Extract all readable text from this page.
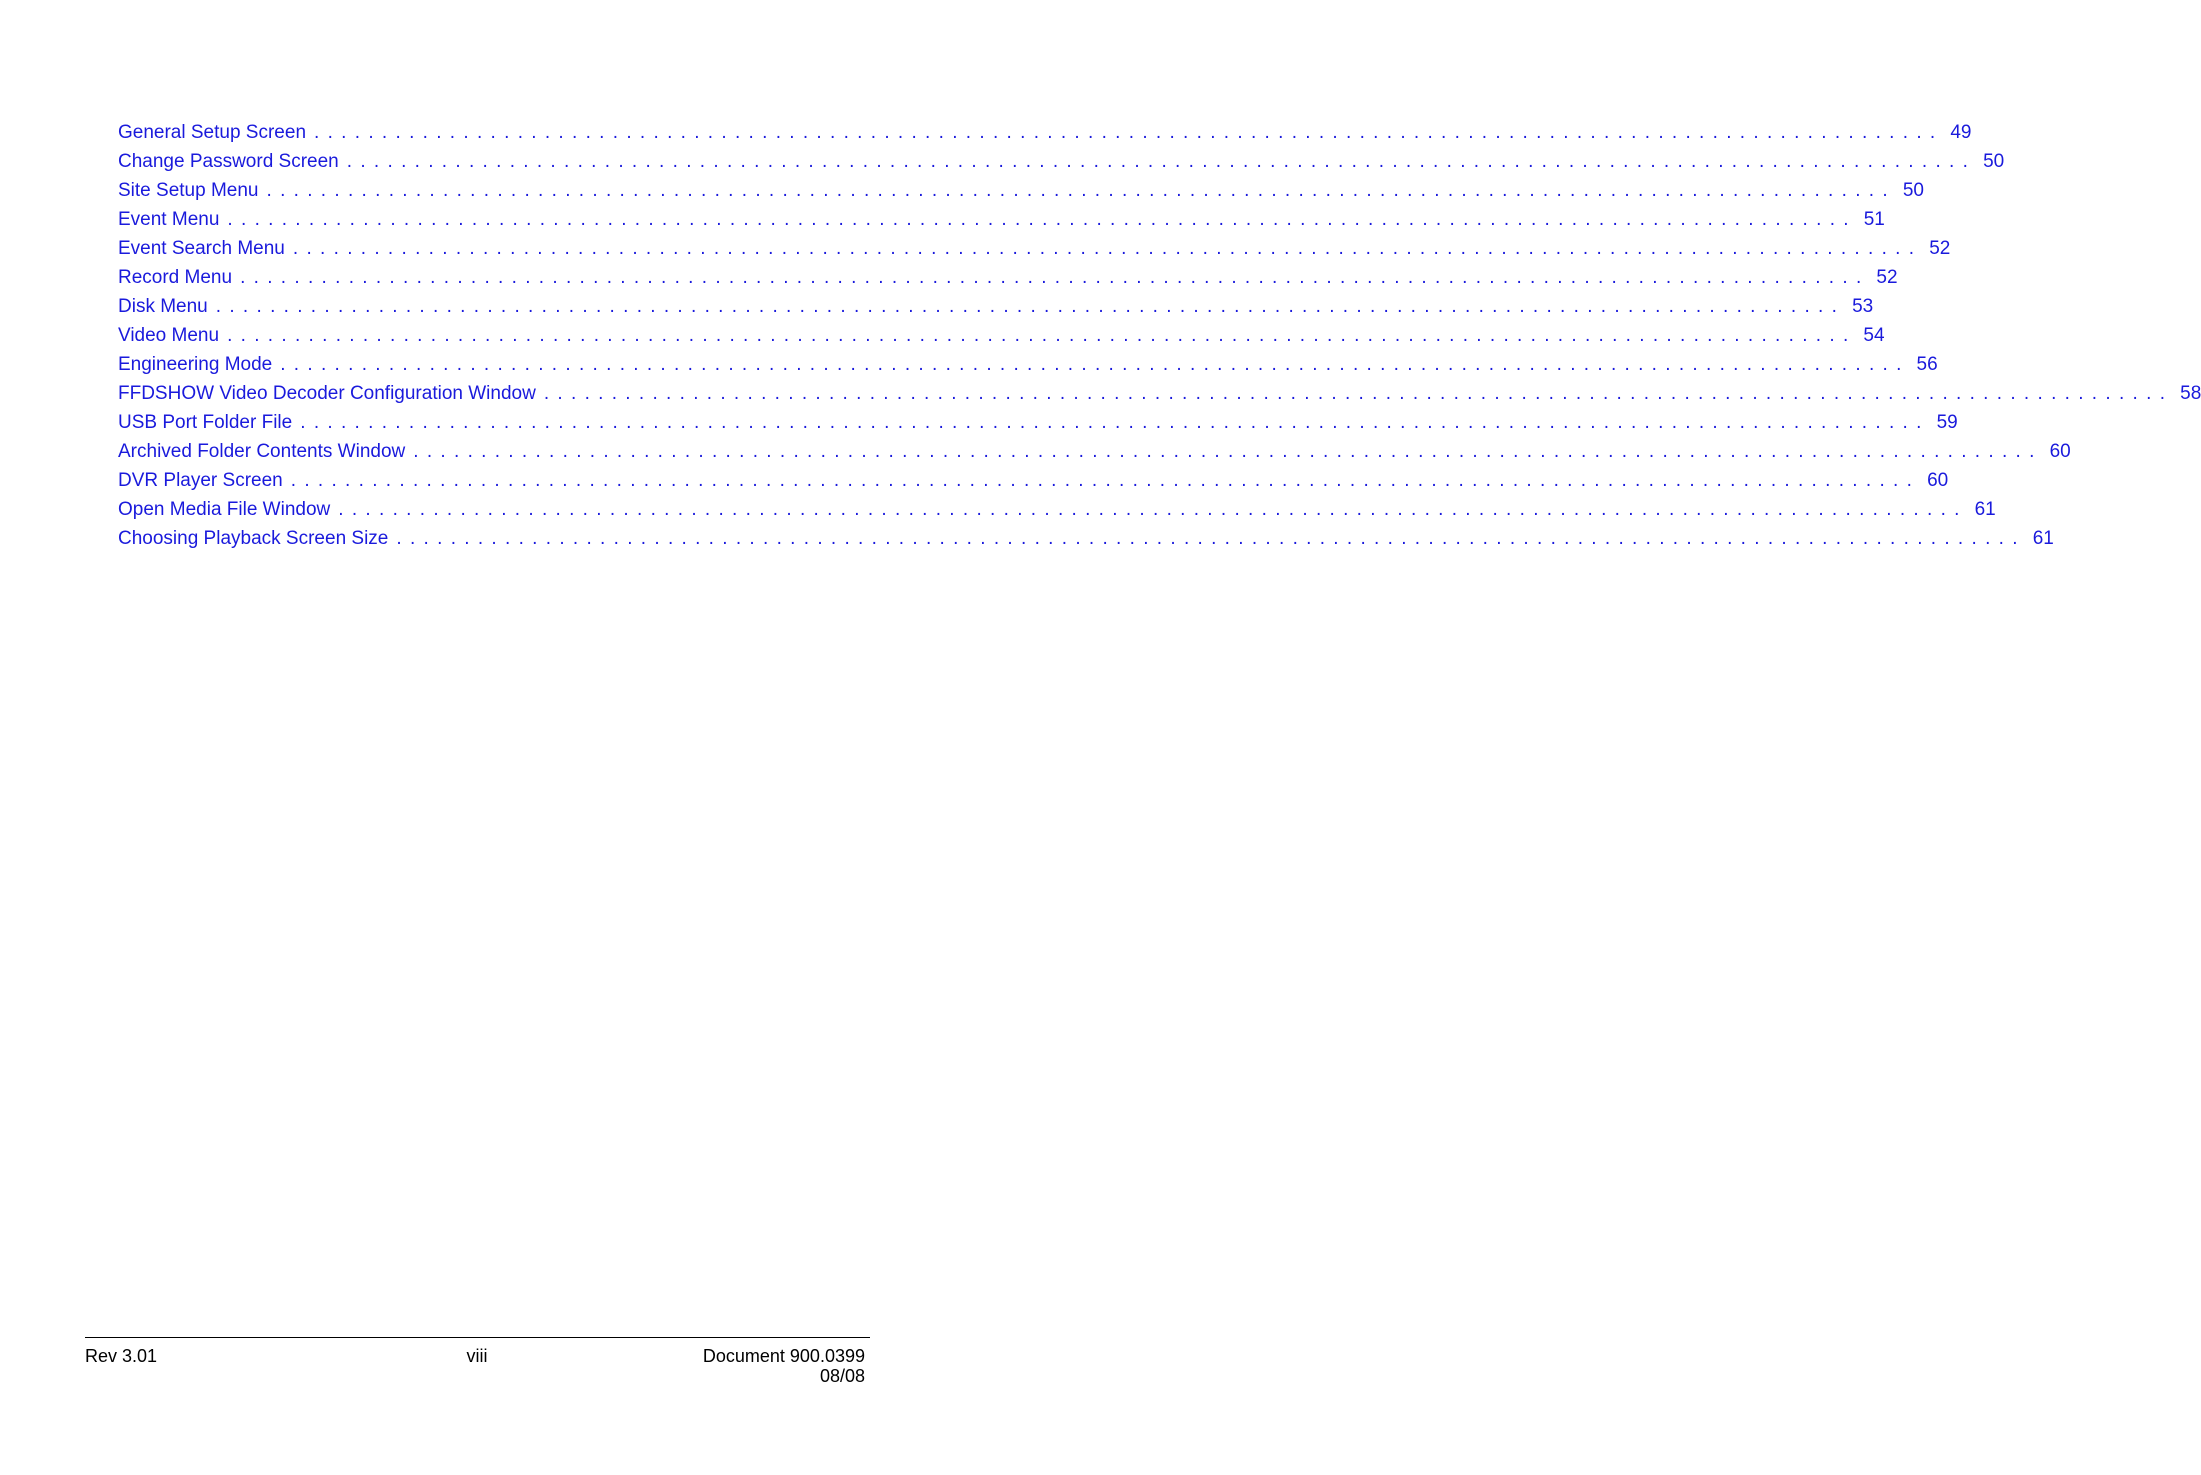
General Setup Screen ........................................................................................................................ 49
Change Password Screen ........................................................................................................................ 50
Site Setup Menu ........................................................................................................................ 50
Event Menu ........................................................................................................................ 51
Event Search Menu ........................................................................................................................ 52
Record Menu ........................................................................................................................ 52
Disk Menu ........................................................................................................................ 53
Video Menu ........................................................................................................................ 54
Engineering Mode ........................................................................................................................ 56
FFDSHOW Video Decoder Configuration Window ........................................................................................................................ 58
USB Port Folder File ........................................................................................................................ 59
Archived Folder Contents Window ........................................................................................................................ 60
DVR Player Screen ........................................................................................................................ 60
Open Media File Window ........................................................................................................................ 61
Choosing Playback Screen Size ........................................................................................................................ 61
Rev 3.01	viii	Document 900.0399
08/08
